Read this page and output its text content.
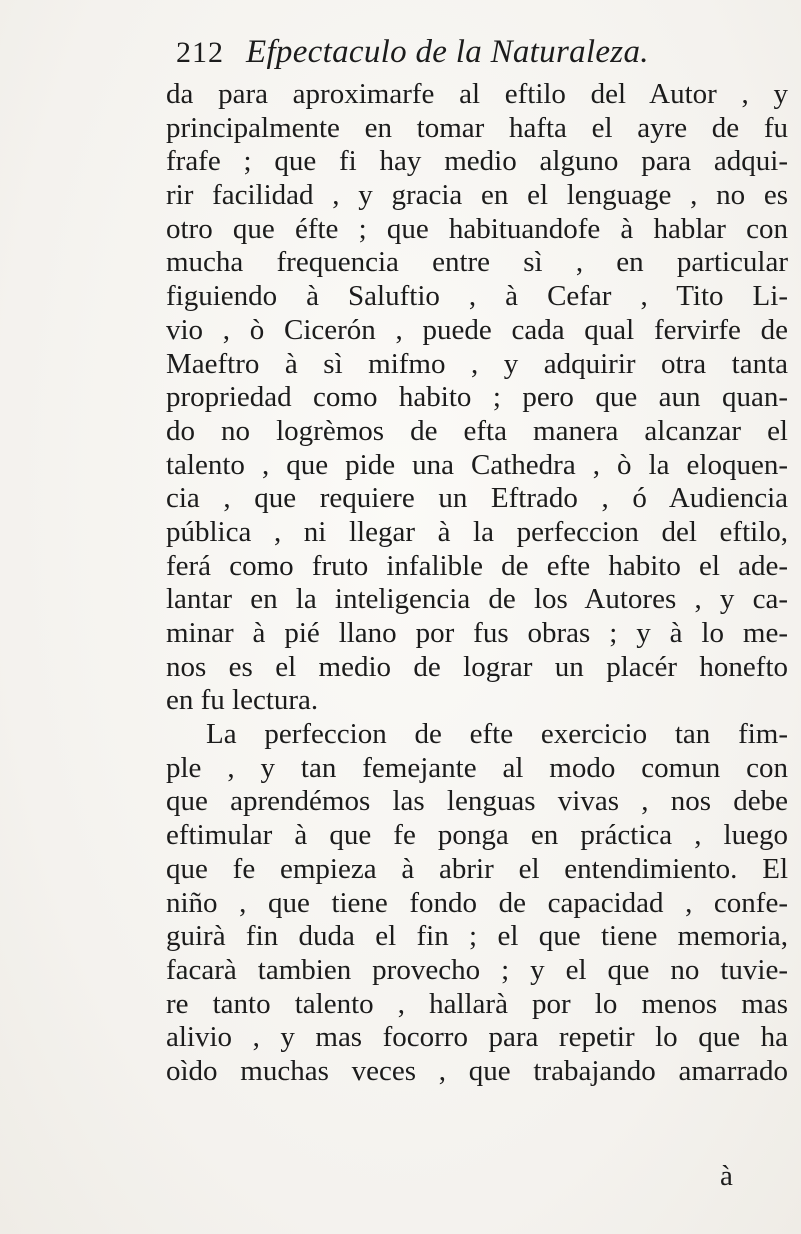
212 Efpectaculo de la Naturaleza.
da para aproximarfe al eftilo del Autor , y
principalmente en tomar hafta el ayre de fu
frafe ; que fi hay medio alguno para adqui-
rir facilidad , y gracia en el lenguage , no es
otro que éfte ; que habituandofe à hablar con
mucha frequencia entre sì , en particular
figuiendo à Saluftio , à Cefar , Tito Li-
vio , ò Cicerón , puede cada qual fervirfe de
Maeftro à sì mifmo , y adquirir otra tanta
propriedad como habito ; pero que aun quan-
do no logrèmos de efta manera alcanzar el
talento , que pide una Cathedra , ò la eloquen-
cia , que requiere un Eftrado , ó Audiencia
pública , ni llegar à la perfeccion del eftilo,
ferá como fruto infalible de efte habito el ade-
lantar en la inteligencia de los Autores , y ca-
minar à pié llano por fus obras ; y à lo me-
nos es el medio de lograr un placér honefto
en fu lectura.
La perfeccion de efte exercicio tan fim-
ple , y tan femejante al modo comun con
que aprendémos las lenguas vivas , nos debe
eftimular à que fe ponga en práctica , luego
que fe empieza à abrir el entendimiento. El
niño , que tiene fondo de capacidad , confe-
guirà fin duda el fin ; el que tiene memoria,
facarà tambien provecho ; y el que no tuvie-
re tanto talento , hallarà por lo menos mas
alivio , y mas focorro para repetir lo que ha
oìdo muchas veces , que trabajando amarrado
à
